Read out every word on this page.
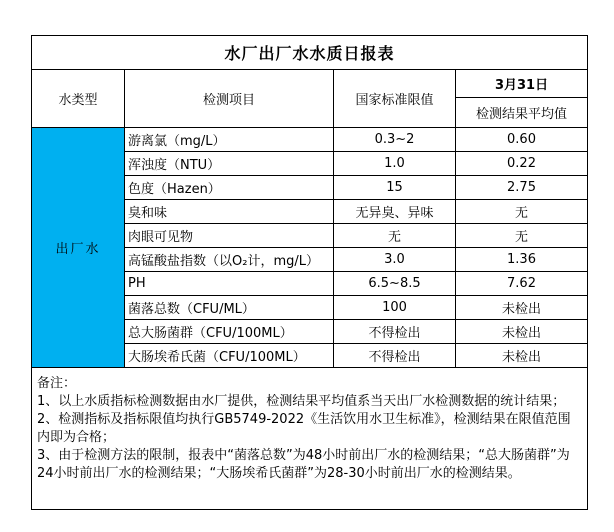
水厂出厂水水质日报表			
水类型	检测项目	国家标准限值	3月31日
			检测结果平均值
出厂水	游离氯（mg/L）	0.3~2	0.60
	浑浊度（NTU）	1.0	0.22
	色度（Hazen）	15	2.75
	臭和味	无异臭、异味	无
	肉眼可见物	无	无
	高锰酸盐指数（以O₂计，mg/L）	3.0	1.36
	PH	6.5~8.5	7.62
	菌落总数（CFU/ML）	100	未检出
	总大肠菌群（CFU/100ML）	不得检出	未检出
	大肠埃希氏菌（CFU/100ML）	不得检出	未检出

备注：
1、以上水质指标检测数据由水厂提供，检测结果平均值系当天出厂水检测数据的统计结果；
2、检测指标及指标限值均执行GB5749-2022《生活饮用水卫生标准》，检测结果在限值范围内即为合格；
3、由于检测方法的限制，报表中“菌落总数”为48小时前出厂水的检测结果；“总大肠菌群”为24小时前出厂水的检测结果；“大肠埃希氏菌群”为28-30小时前出厂水的检测结果。			
